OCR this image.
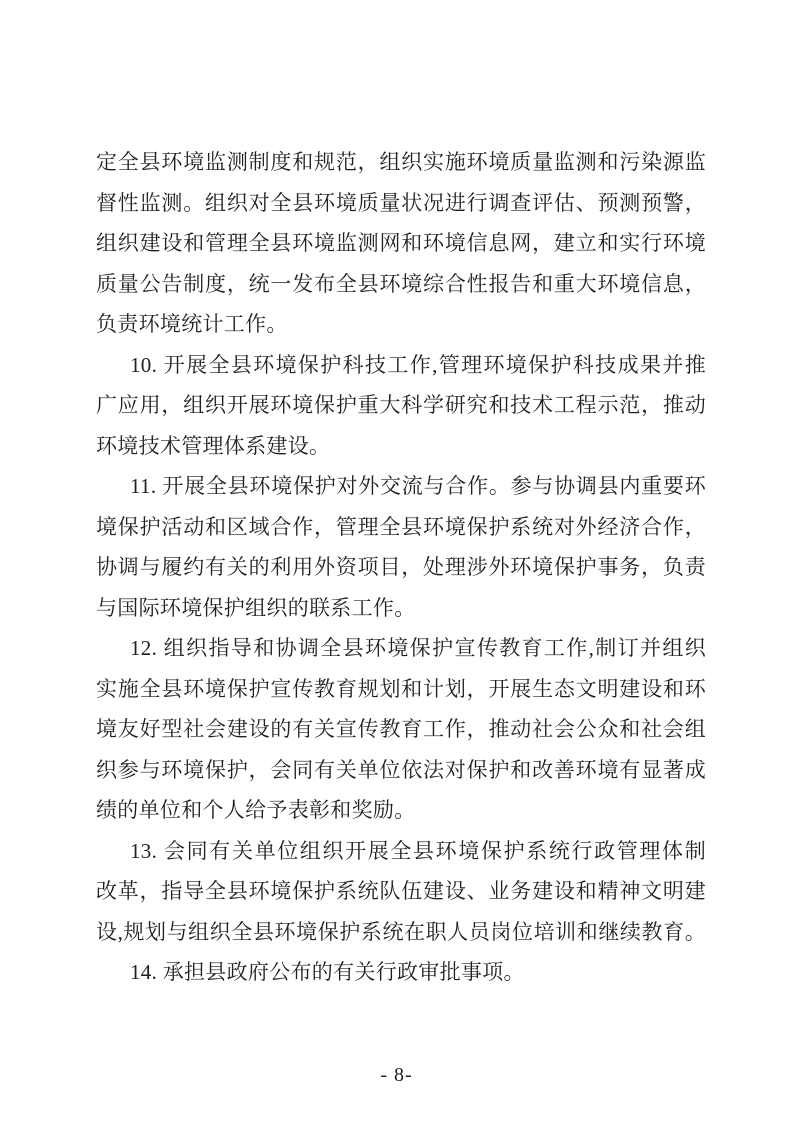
定全县环境监测制度和规范，组织实施环境质量监测和污染源监
督性监测。组织对全县环境质量状况进行调查评估、预测预警，
组织建设和管理全县环境监测网和环境信息网，建立和实行环境
质量公告制度，统一发布全县环境综合性报告和重大环境信息，
负责环境统计工作。
10. 开展全县环境保护科技工作,管理环境保护科技成果并推
广应用，组织开展环境保护重大科学研究和技术工程示范，推动
环境技术管理体系建设。
11. 开展全县环境保护对外交流与合作。参与协调县内重要环
境保护活动和区域合作，管理全县环境保护系统对外经济合作，
协调与履约有关的利用外资项目，处理涉外环境保护事务，负责
与国际环境保护组织的联系工作。
12. 组织指导和协调全县环境保护宣传教育工作,制订并组织
实施全县环境保护宣传教育规划和计划，开展生态文明建设和环
境友好型社会建设的有关宣传教育工作，推动社会公众和社会组
织参与环境保护，会同有关单位依法对保护和改善环境有显著成
绩的单位和个人给予表彰和奖励。
13. 会同有关单位组织开展全县环境保护系统行政管理体制
改革，指导全县环境保护系统队伍建设、业务建设和精神文明建
设,规划与组织全县环境保护系统在职人员岗位培训和继续教育。
14. 承担县政府公布的有关行政审批事项。
- 8-
